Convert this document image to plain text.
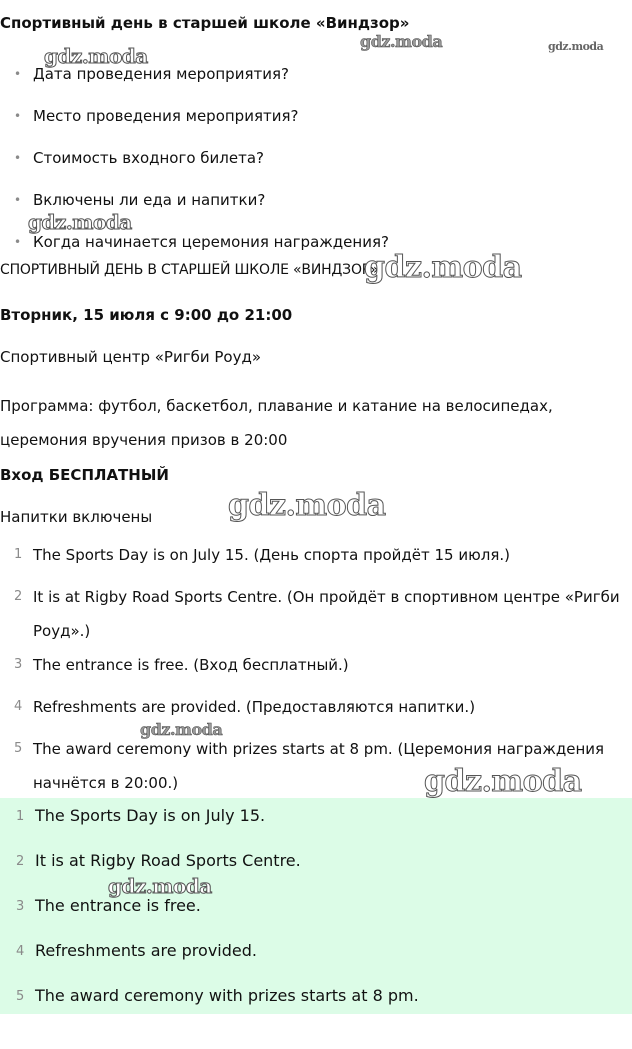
Спортивный день в старшей школе «Виндзор»
• Дата проведения мероприятия?
• Место проведения мероприятия?
• Стоимость входного билета?
• Включены ли еда и напитки?
• Когда начинается церемония награждения?
СПОРТИВНЫЙ ДЕНЬ В СТАРШЕЙ ШКОЛЕ «ВИНДЗОР»
Вторник, 15 июля с 9:00 до 21:00
Спортивный центр «Ригби Роуд»
Программа: футбол, баскетбол, плавание и катание на велосипедах, церемония вручения призов в 20:00
Вход БЕСПЛАТНЫЙ
Напитки включены
1 The Sports Day is on July 15. (День спорта пройдёт 15 июля.)
2 It is at Rigby Road Sports Centre. (Он пройдёт в спортивном центре «Ригби Роуд».)
3 The entrance is free. (Вход бесплатный.)
4 Refreshments are provided. (Предоставляются напитки.)
5 The award ceremony with prizes starts at 8 pm. (Церемония награждения начнётся в 20:00.)
1 The Sports Day is on July 15.
2 It is at Rigby Road Sports Centre.
3 The entrance is free.
4 Refreshments are provided.
5 The award ceremony with prizes starts at 8 pm.
gdz.moda
gdz.moda	gdz.moda
gdz.moda
gdz.moda
gdz.moda
gdz.moda
gdz.moda
gdz.moda
